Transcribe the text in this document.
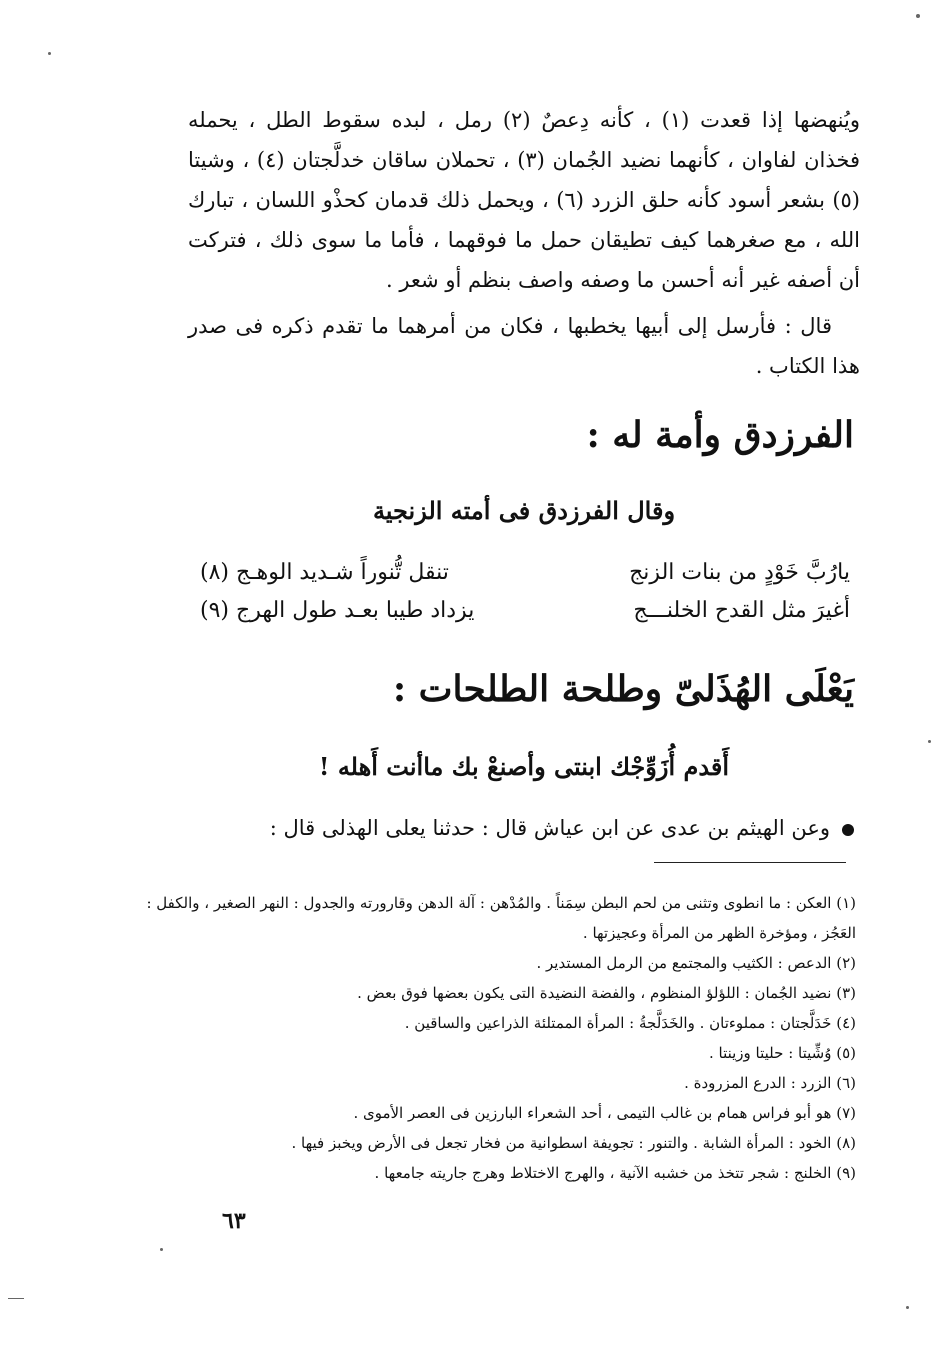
ويُنهضها إذا قعدت (١) ، كأنه دِعصٌ (٢) رمل ، لبده سقوط الطل ، يحمله فخذان لفاوان ، كأنهما نضيد الجُمان (٣) ، تحملان ساقان خدلَّجتان (٤) ، وشيتا (٥) بشعر أسود كأنه حلق الزرد (٦) ، ويحمل ذلك قدمان كحذْو اللسان ، تبارك الله ، مع صغرهما كيف تطيقان حمل ما فوقهما ، فأما ما سوى ذلك ، فتركت أن أصفه غير أنه أحسن ما وصفه واصف بنظم أو شعر .

قال : فأرسل إلى أبيها يخطبها ، فكان من أمرهما ما تقدم ذكره فى صدر هذا الكتاب .

الفرزدق وأمة له :
وقال الفرزدق فى أمته الزنجية
يارُبَّ خَوْدٍ من بنات الزنج
تنقل تُّنوراً شـديد الوهـج (٨)
أغيرَ مثل القدح الخلنـــج
يزداد طيبا بعـد طول الهرج (٩)
يَعْلَى الهُذَلىّ وطلحة الطلحات :
أَقدم أُزَوِّجْك ابنتى وأصنعْ بك ماأنت أَهله !
وعن الهيثم بن عدى عن ابن عياش قال : حدثنا يعلى الهذلى قال :
(١) العكن : ما انطوى وتثنى من لحم البطن سِمَناً . والمُدْهن : آلة الدهن وقارورته والجدول : النهر الصغير ، والكفل : العَجُز ، ومؤخرة الظهر من المرأة وعجيزتها .
(٢) الدعص : الكثيب والمجتمع من الرمل المستدير .
(٣) نضيد الجُمان : اللؤلؤ المنظوم ، والفضة النضيدة التى يكون بعضها فوق بعض .
(٤) خَدَلَّجتان : مملوءتان . والخَدَلَّجةُ : المرأة الممتلئة الذراعين والساقين .
(٥) وُشِّيتا : حليتا وزينتا .
(٦) الزرد : الدرع المزرودة .
(٧) هو أبو فراس همام بن غالب التيمى ، أحد الشعراء البارزين فى العصر الأموى .
(٨) الخود : المرأة الشابة . والتنور : تجويفة اسطوانية من فخار تجعل فى الأرض ويخبز فيها .
(٩) الخلنج : شجر تتخذ من خشبه الآنية ، والهرج الاختلاط وهرج جاريته جامعها .
٦٣
